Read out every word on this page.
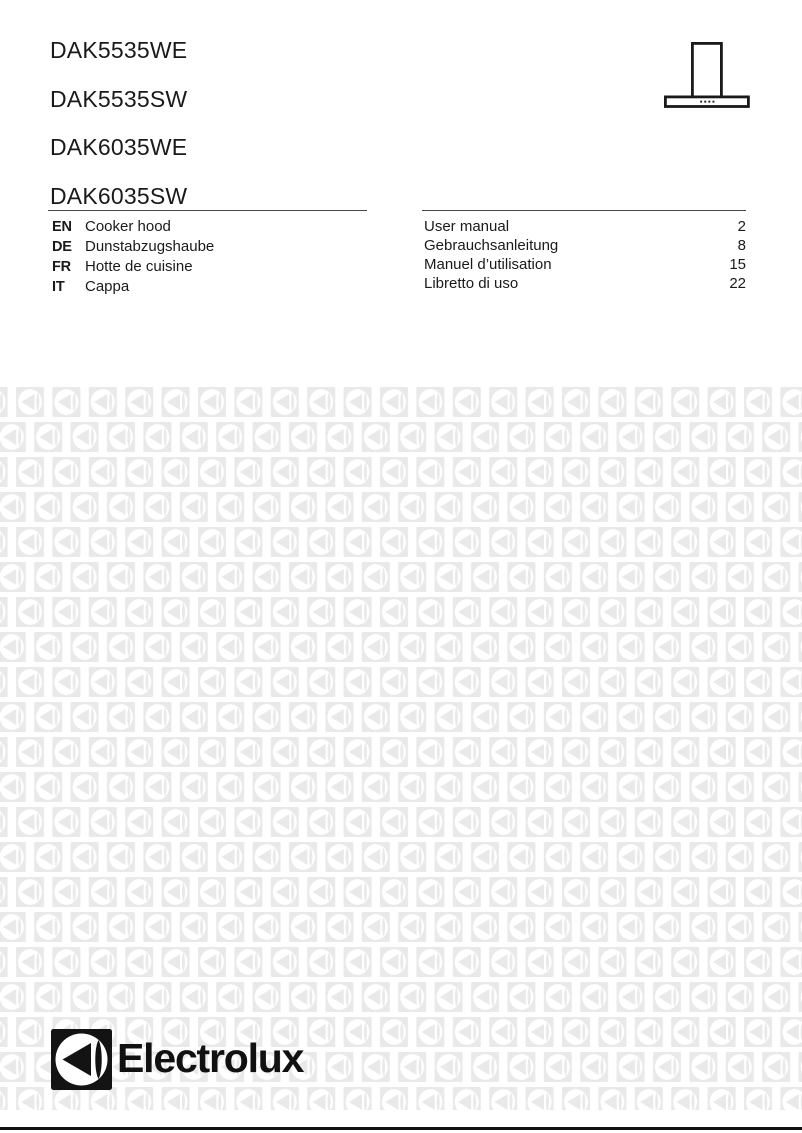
DAK5535WE

DAK5535SW

DAK6035WE

DAK6035SW
EN Cooker hood
DE Dunstabzugshaube
FR Hotte de cuisine
IT	Cappa
User manual	2
Gebrauchsanleitung	8
Manuel d’utilisation	15
Libretto di uso	22
Electrolux
